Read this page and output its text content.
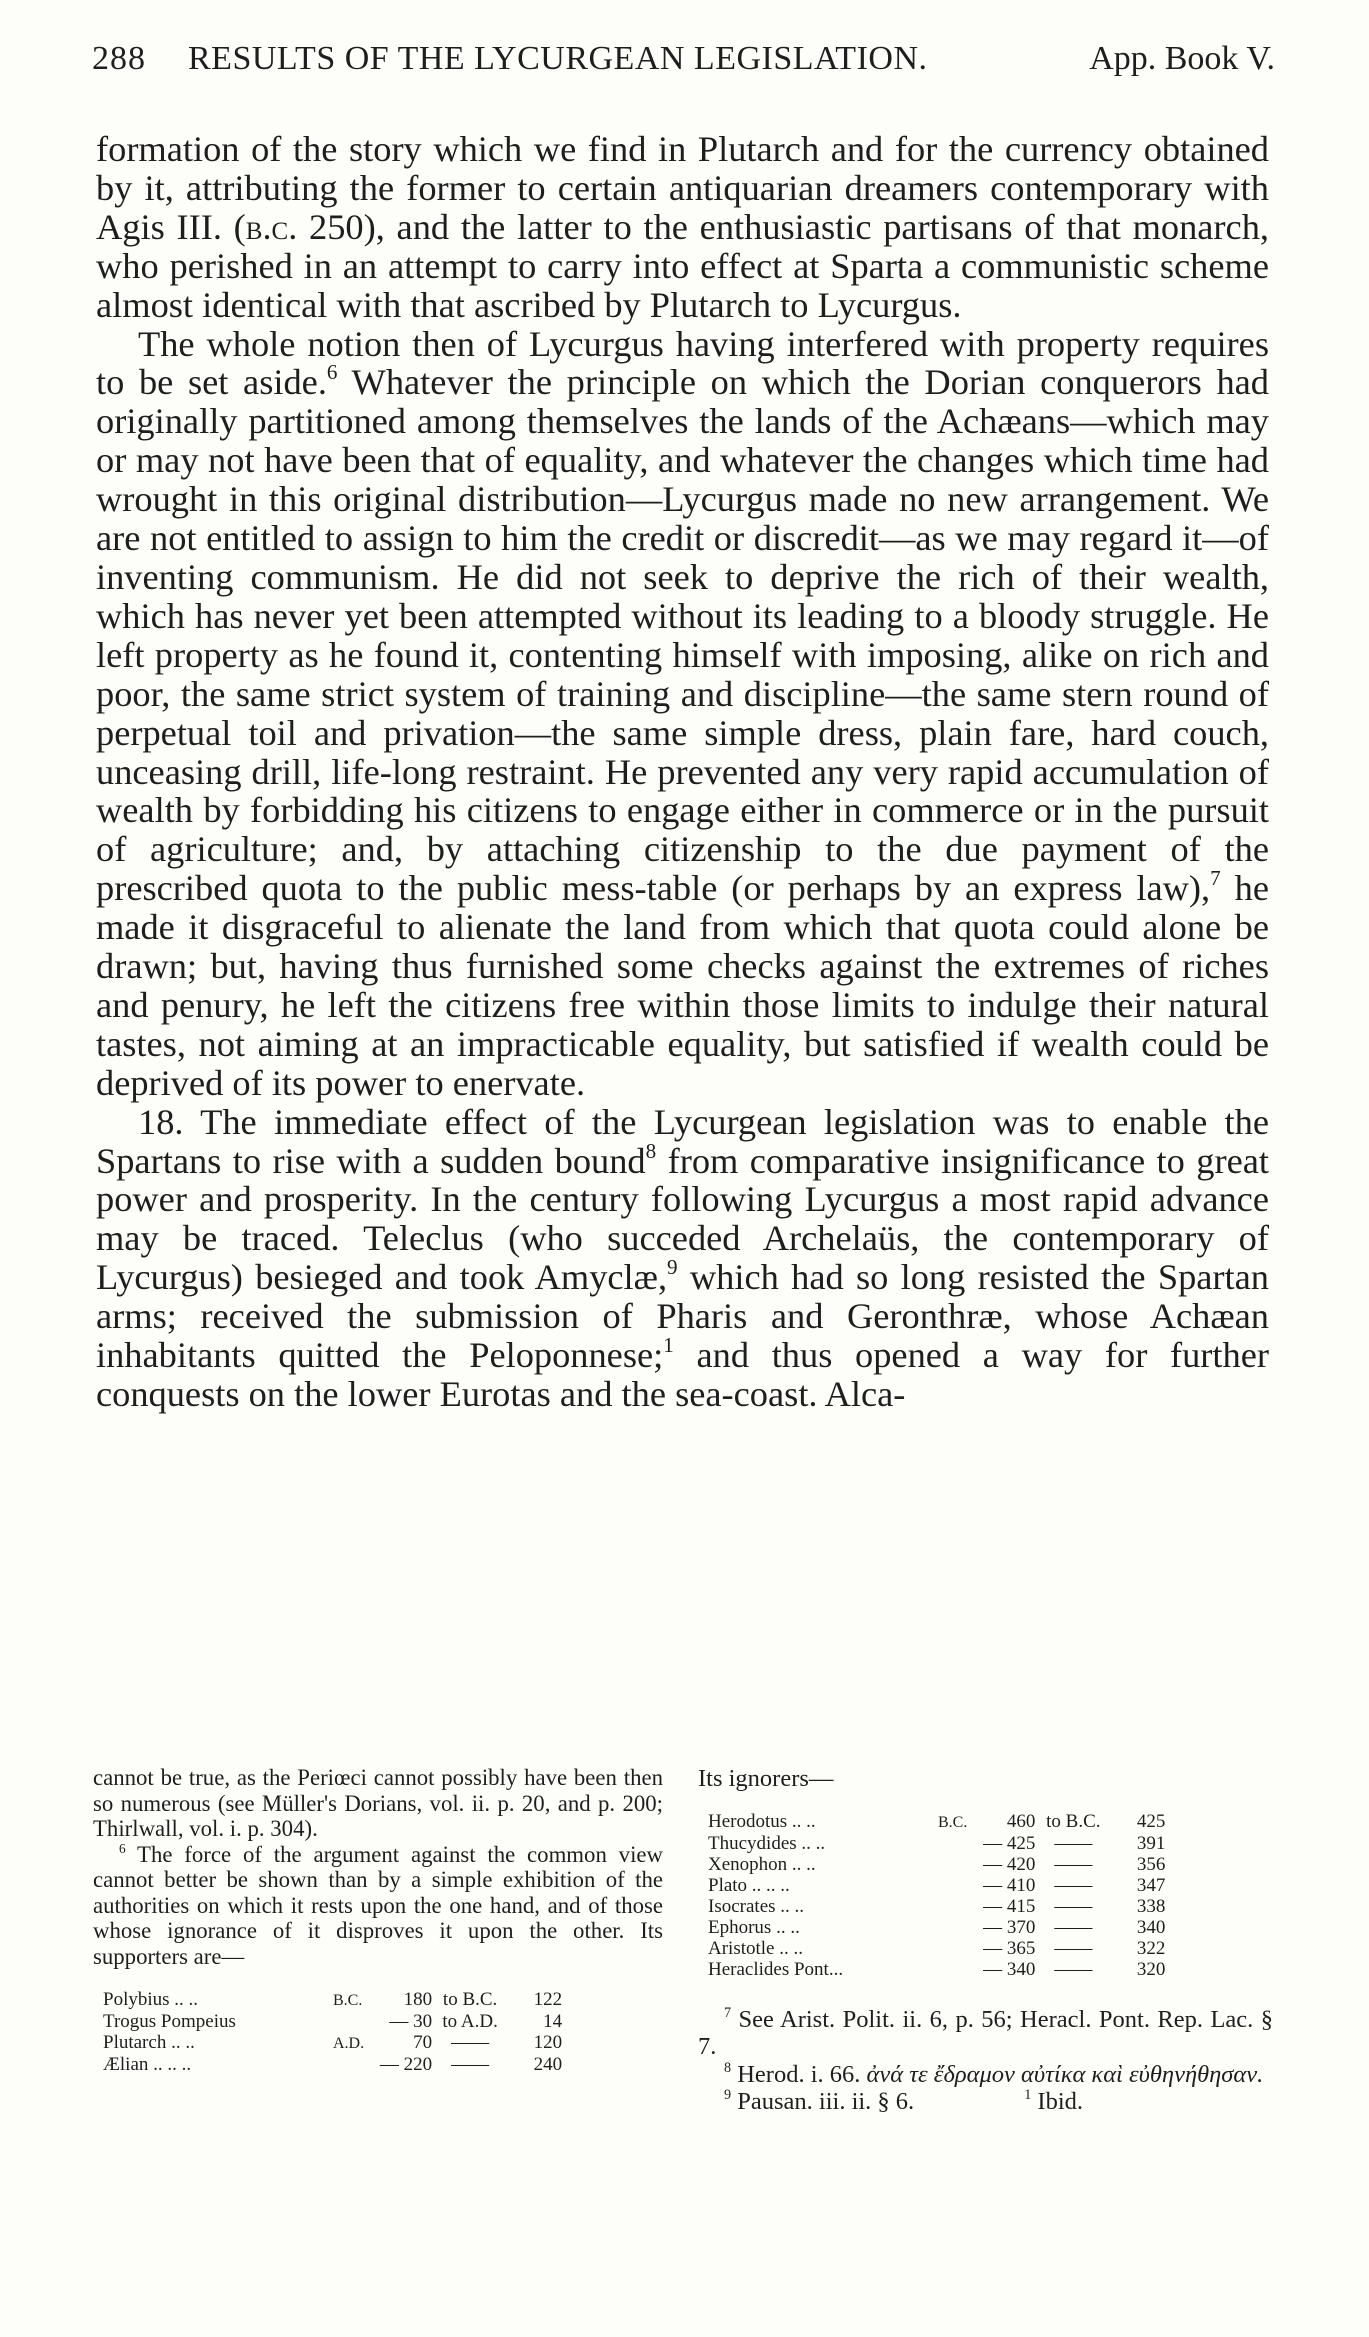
288 RESULTS OF THE LYCURGEAN LEGISLATION.	App. Book V.

formation of the story which we find in Plutarch and for the currency obtained by it, attributing the former to certain antiquarian dreamers contemporary with Agis III. (b.c. 250), and the latter to the enthusiastic partisans of that monarch, who perished in an attempt to carry into effect at Sparta a communistic scheme almost identical with that ascribed by Plutarch to Lycurgus.

The whole notion then of Lycurgus having interfered with property requires to be set aside.$^6$ Whatever the principle on which the Dorian conquerors had originally partitioned among themselves the lands of the Achæans—which may or may not have been that of equality, and whatever the changes which time had wrought in this original distribution—Lycurgus made no new arrangement. We are not entitled to assign to him the credit or discredit—as we may regard it—of inventing communism. He did not seek to deprive the rich of their wealth, which has never yet been attempted without its leading to a bloody struggle. He left property as he found it, contenting himself with imposing, alike on rich and poor, the same strict system of training and discipline—the same stern round of perpetual toil and privation—the same simple dress, plain fare, hard couch, unceasing drill, life-long restraint. He prevented any very rapid accumulation of wealth by forbidding his citizens to engage either in commerce or in the pursuit of agriculture; and, by attaching citizenship to the due payment of the prescribed quota to the public mess-table (or perhaps by an express law),$^7$ he made it disgraceful to alienate the land from which that quota could alone be drawn; but, having thus furnished some checks against the extremes of riches and penury, he left the citizens free within those limits to indulge their natural tastes, not aiming at an impracticable equality, but satisfied if wealth could be deprived of its power to enervate.

18. The immediate effect of the Lycurgean legislation was to enable the Spartans to rise with a sudden bound$^8$ from comparative insignificance to great power and prosperity. In the century following Lycurgus a most rapid advance may be traced. Teleclus (who succeded Archelaüs, the contemporary of Lycurgus) besieged and took Amyclæ,$^9$ which had so long resisted the Spartan arms; received the submission of Pharis and Geronthræ, whose Achæan inhabitants quitted the Peloponnese;$^1$ and thus opened a way for further conquests on the lower Eurotas and the sea-coast. Alca-

cannot be true, as the Periœci cannot possibly have been then so numerous (see Müller's Dorians, vol. ii. p. 20, and p. 200; Thirlwall, vol. i. p. 304).

$^6$ The force of the argument against the common view cannot better be shown than by a simple exhibition of the authorities on which it rests upon the one hand, and of those whose ignorance of it disproves it upon the other. Its supporters are—

Polybius .. ..	B.C.	180	to B.C.	122
Trogus Pompeius		— 30	to A.D.	14
Plutarch .. ..	A.D.	70	——	120
Ælian .. .. ..		— 220	——	240

Its ignorers—

Herodotus .. ..	B.C.	460	to B.C.	425
Thucydides .. ..		— 425	——	391
Xenophon .. ..		— 420	——	356
Plato .. .. ..		— 410	——	347
Isocrates .. ..		— 415	——	338
Ephorus .. ..		— 370	——	340
Aristotle .. ..		— 365	——	322
Heraclides Pont...		— 340	——	320

$^7$ See Arist. Polit. ii. 6, p. 56; Heracl. Pont. Rep. Lac. § 7.

$^8$ Herod. i. 66. ἀνά τε ἔδραμον αὐτίκα καὶ εὐθηνήθησαν.

$^9$ Pausan. iii. ii. § 6.	$^1$ Ibid.
